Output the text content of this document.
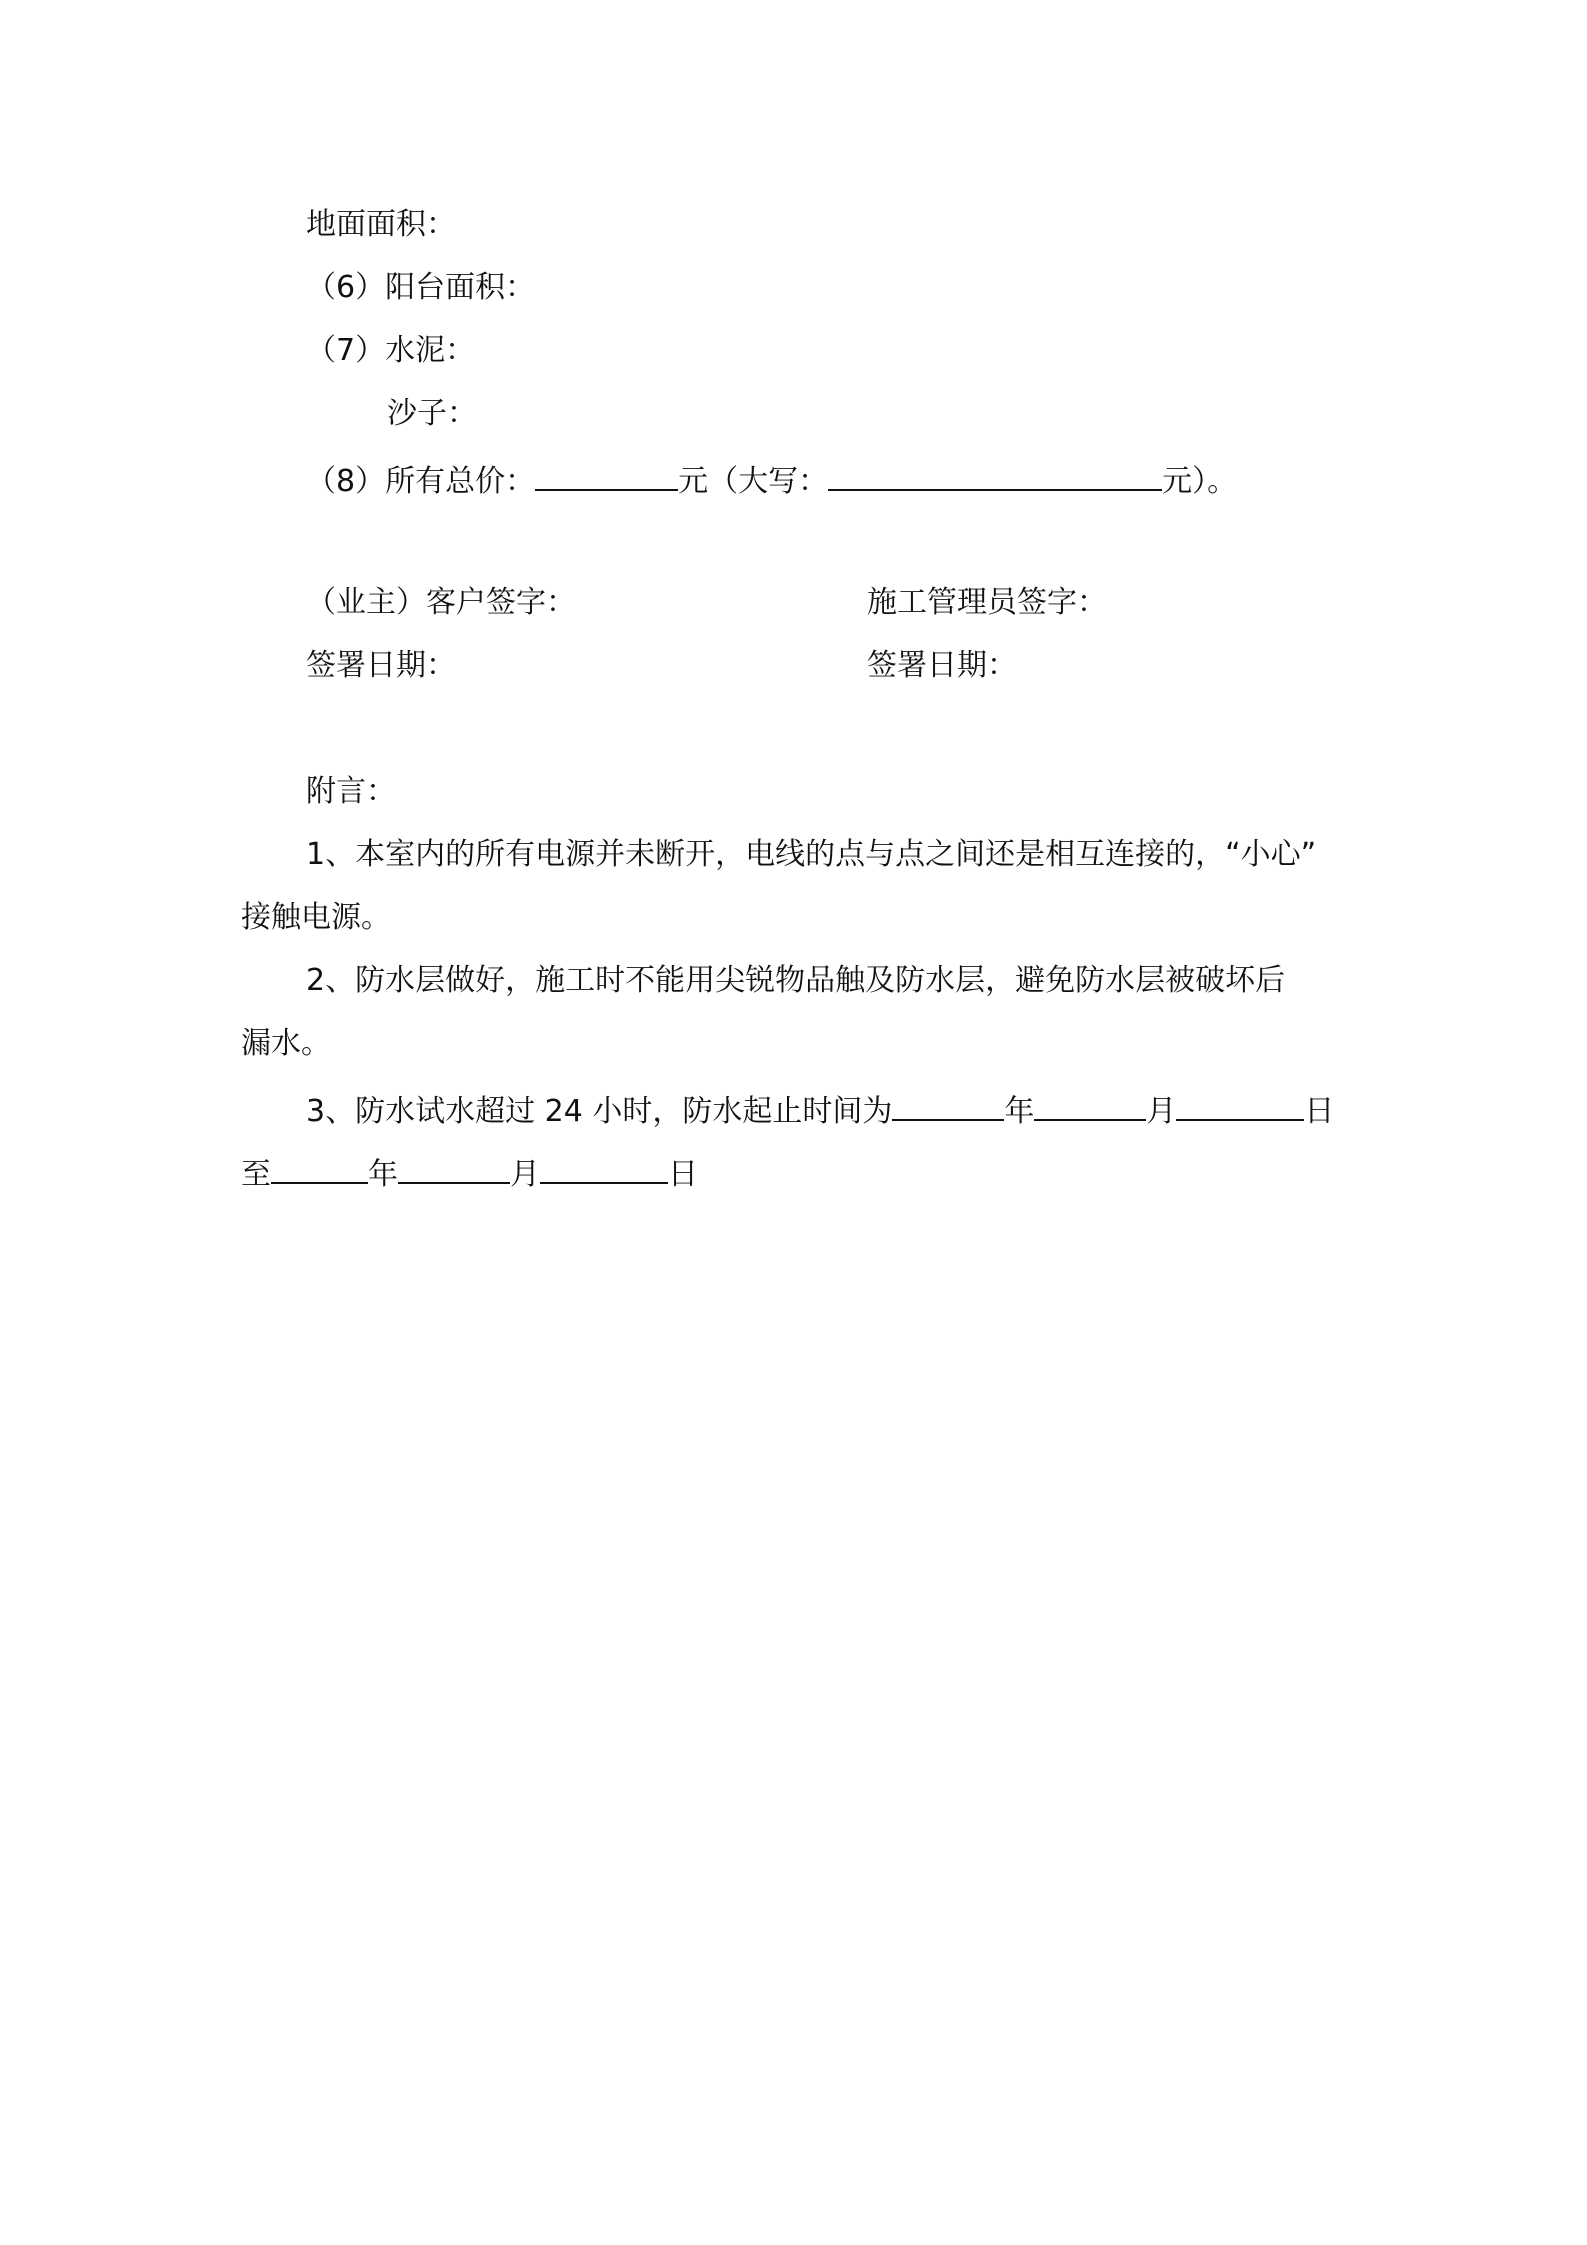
地面面积：
（6）阳台面积：
（7）水泥：
沙子：
（8）所有总价：	元（大写：	元）。
（业主）客户签字：	施工管理员签字：
签署日期：	签署日期：
附言：
1、本室内的所有电源并未断开，电线的点与点之间还是相互连接的，“小心”
接触电源。
2、防水层做好，施工时不能用尖锐物品触及防水层，避免防水层被破坏后
漏水。
3、防水试水超过 24 小时，防水起止时间为	年	月	日
至	年	月	日
